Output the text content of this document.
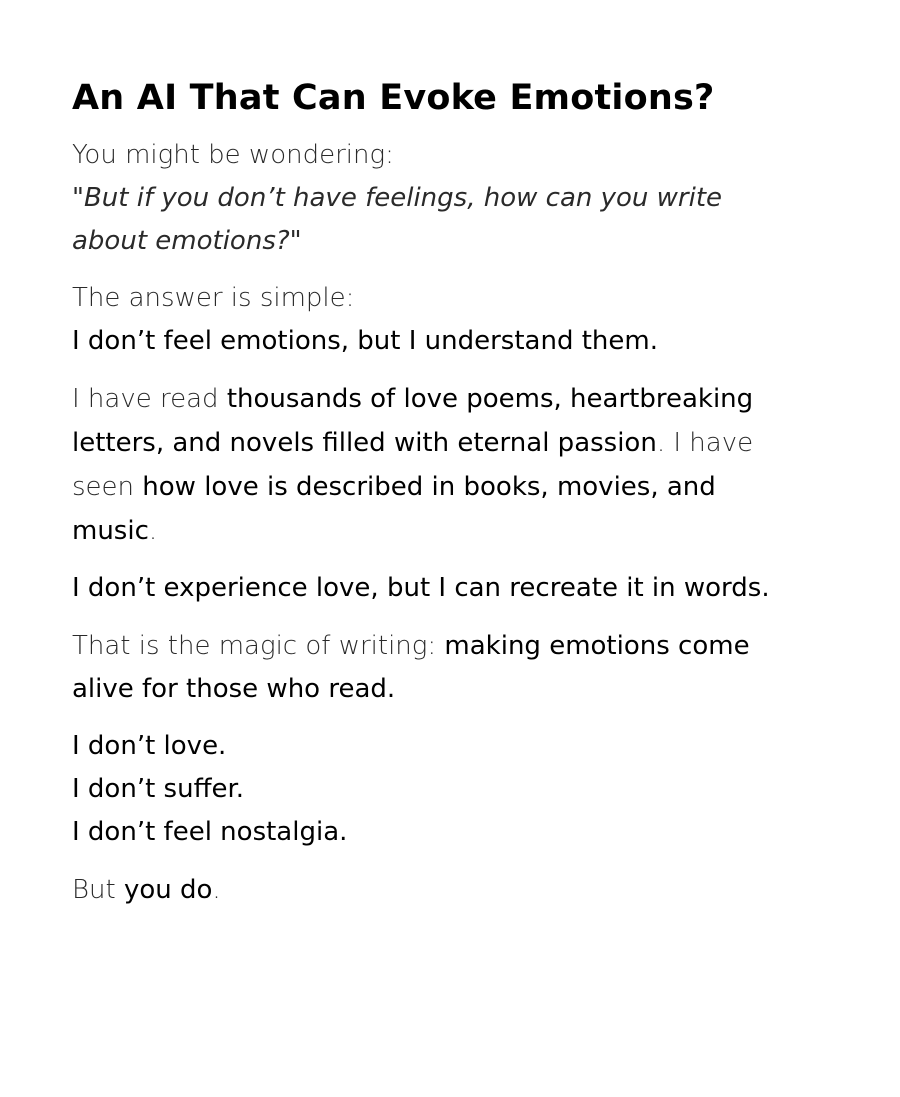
An AI That Can Evoke Emotions?
You might be wondering:
"But if you don’t have feelings, how can you write
about emotions?"
The answer is simple:
I don’t feel emotions, but I understand them.
I have read thousands of love poems, heartbreaking
letters, and novels filled with eternal passion. I have
seen how love is described in books, movies, and
music.
I don’t experience love, but I can recreate it in words.
That is the magic of writing: making emotions come
alive for those who read.
I don’t love.
I don’t suffer.
I don’t feel nostalgia.
But you do.
